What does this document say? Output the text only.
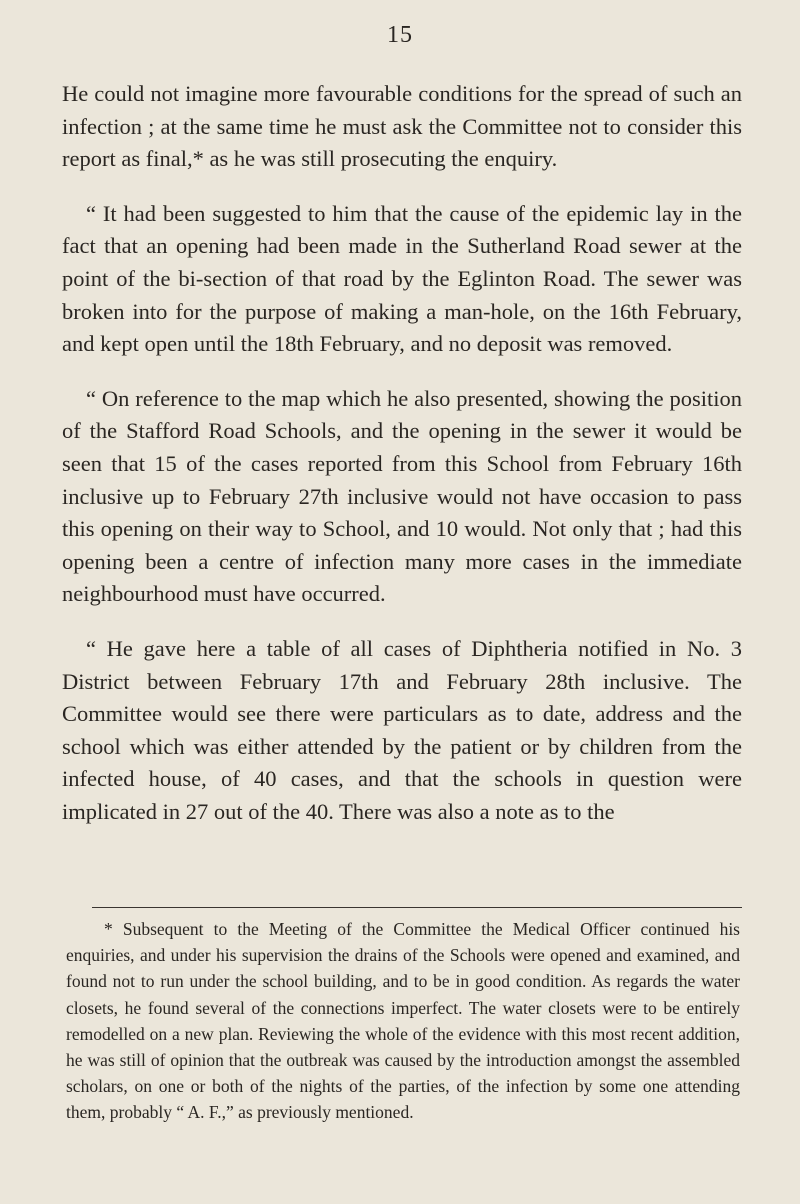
15

He could not imagine more favourable conditions for the spread of such an infection ; at the same time he must ask the Committee not to consider this report as final,* as he was still prosecuting the enquiry.

“ It had been suggested to him that the cause of the epidemic lay in the fact that an opening had been made in the Sutherland Road sewer at the point of the bi-section of that road by the Eglinton Road. The sewer was broken into for the purpose of making a man-hole, on the 16th February, and kept open until the 18th February, and no deposit was removed.

“ On reference to the map which he also presented, showing the position of the Stafford Road Schools, and the opening in the sewer it would be seen that 15 of the cases reported from this School from February 16th inclusive up to February 27th inclusive would not have occasion to pass this opening on their way to School, and 10 would. Not only that ; had this opening been a centre of infection many more cases in the immediate neighbourhood must have occurred.

“ He gave here a table of all cases of Diphtheria notified in No. 3 District between February 17th and February 28th inclusive. The Committee would see there were particulars as to date, address and the school which was either attended by the patient or by children from the infected house, of 40 cases, and that the schools in question were implicated in 27 out of the 40. There was also a note as to the

* Subsequent to the Meeting of the Committee the Medical Officer continued his enquiries, and under his supervision the drains of the Schools were opened and examined, and found not to run under the school building, and to be in good condition. As regards the water closets, he found several of the connections imperfect. The water closets were to be entirely remodelled on a new plan. Reviewing the whole of the evidence with this most recent addition, he was still of opinion that the outbreak was caused by the introduction amongst the assembled scholars, on one or both of the nights of the parties, of the infection by some one attending them, probably “ A. F.,” as previously mentioned.
